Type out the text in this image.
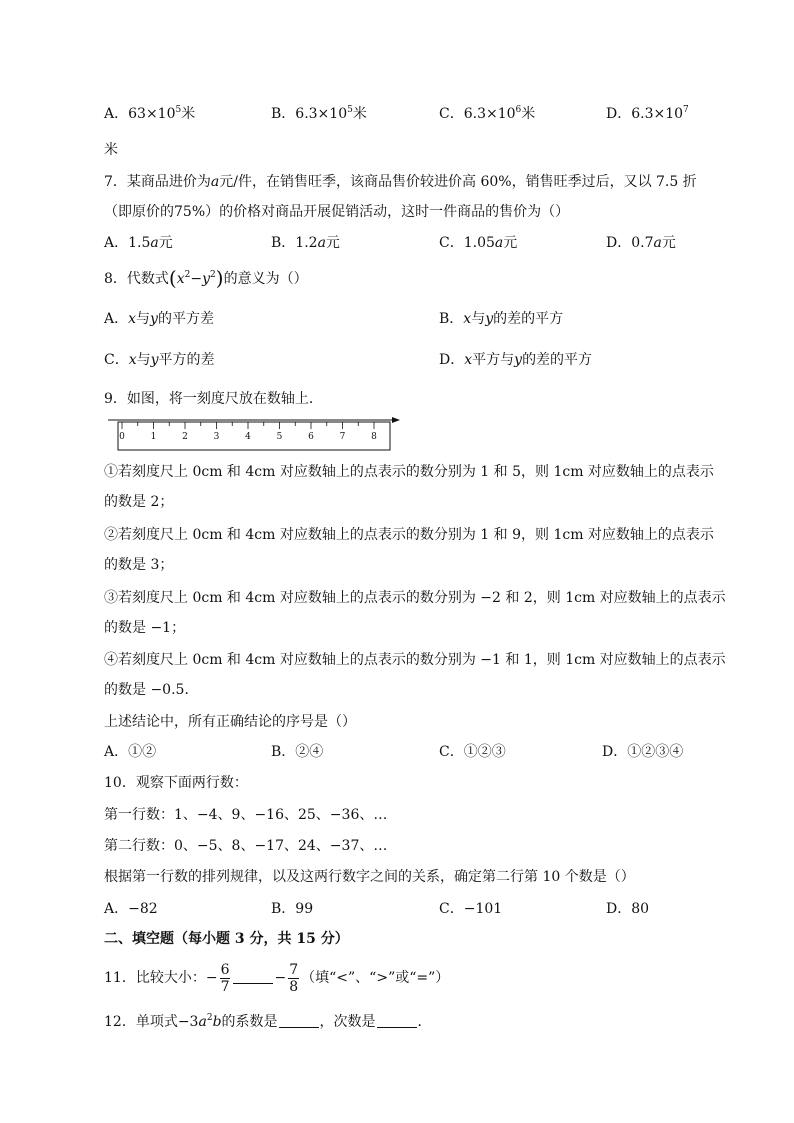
A．$63\times 10^5$米	B．$6.3\times 10^5$米	C．$6.3\times 10^6$米	D．$6.3\times 10^7$
米
7．某商品进价为a元/件，在销售旺季，该商品售价较进价高 60%，销售旺季过后，又以 7.5 折
（即原价的75%）的价格对商品开展促销活动，这时一件商品的售价为（）
A．1.5a元	B．1.2a元	C．1.05a元	D．0.7a元
8．代数式$(x^2-y^2)$的意义为（）
A．x与y的平方差	B．x与y的差的平方
C．x与y平方的差	D．x平方与y的差的平方
9．如图，将一刻度尺放在数轴上．
0	1	2	3	4	5	6	7	8
①若刻度尺上 0cm 和 4cm 对应数轴上的点表示的数分别为 1 和 5，则 1cm 对应数轴上的点表示
的数是 2；
②若刻度尺上 0cm 和 4cm 对应数轴上的点表示的数分别为 1 和 9，则 1cm 对应数轴上的点表示
的数是 3；
③若刻度尺上 0cm 和 4cm 对应数轴上的点表示的数分别为 −2 和 2，则 1cm 对应数轴上的点表示
的数是 −1；
④若刻度尺上 0cm 和 4cm 对应数轴上的点表示的数分别为 −1 和 1，则 1cm 对应数轴上的点表示
的数是 −0.5．
上述结论中，所有正确结论的序号是（）
A．①②	B．②④	C．①②③	D．①②③④
10．观察下面两行数：
第一行数：1、−4、9、−16、25、−36、…
第二行数：0、−5、8、−17、24、−37、…
根据第一行数的排列规律，以及这两行数字之间的关系，确定第二行第 10 个数是（）
A．−82	B．99	C．−101	D．80
二、填空题（每小题 3 分，共 15 分）
11．比较大小：− $\frac{6}{7}$	− $\frac{7}{8}$ （填“<”、“>”或“=”）
12．单项式$-3a^2b$的系数是	，次数是	．
